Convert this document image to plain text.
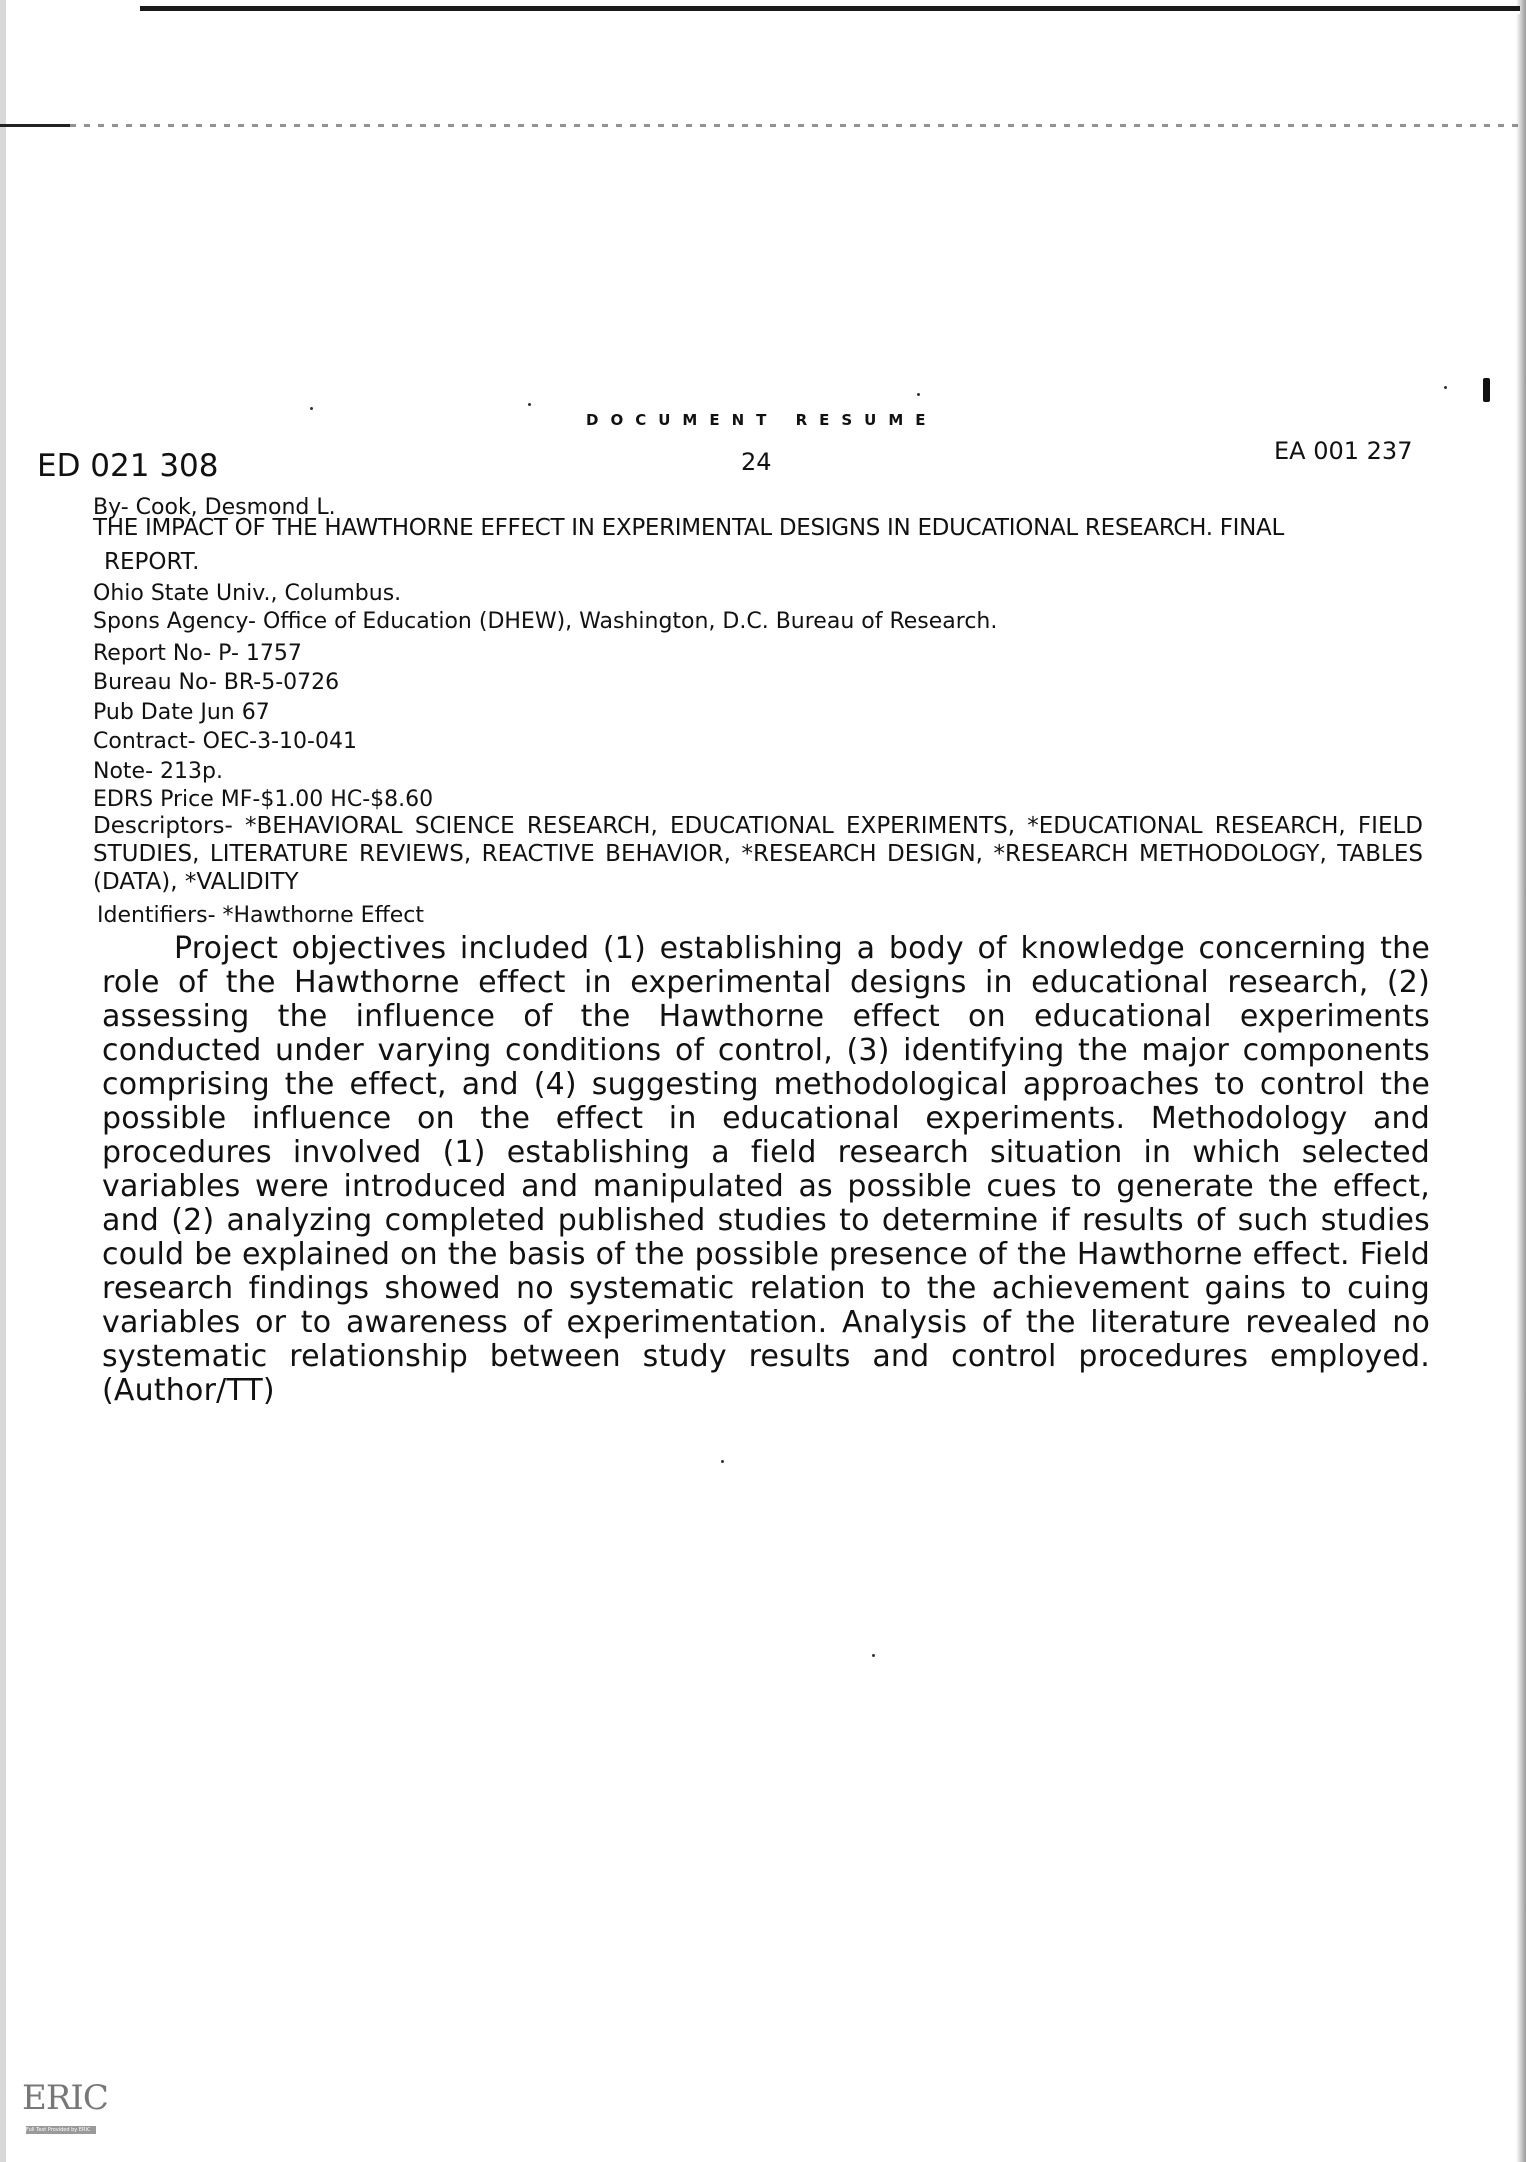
DOCUMENT RESUME
ED 021 308	24	EA 001 237
By- Cook, Desmond L.
THE IMPACT OF THE HAWTHORNE EFFECT IN EXPERIMENTAL DESIGNS IN EDUCATIONAL RESEARCH. FINAL
REPORT.
Ohio State Univ., Columbus.
Spons Agency- Office of Education (DHEW), Washington, D.C. Bureau of Research.
Report No- P- 1757
Bureau No- BR-5-0726
Pub Date Jun 67
Contract- OEC-3-10-041
Note- 213p.
EDRS Price MF-$1.00 HC-$8.60
Descriptors- *BEHAVIORAL SCIENCE RESEARCH, EDUCATIONAL EXPERIMENTS, *EDUCATIONAL RESEARCH, FIELD STUDIES, LITERATURE REVIEWS, REACTIVE BEHAVIOR, *RESEARCH DESIGN, *RESEARCH METHODOLOGY, TABLES (DATA), *VALIDITY
Identifiers- *Hawthorne Effect
Project objectives included (1) establishing a body of knowledge concerning the role of the Hawthorne effect in experimental designs in educational research, (2) assessing the influence of the Hawthorne effect on educational experiments conducted under varying conditions of control, (3) identifying the major components comprising the effect, and (4) suggesting methodological approaches to control the possible influence on the effect in educational experiments. Methodology and procedures involved (1) establishing a field research situation in which selected variables were introduced and manipulated as possible cues to generate the effect, and (2) analyzing completed published studies to determine if results of such studies could be explained on the basis of the possible presence of the Hawthorne effect. Field research findings showed no systematic relation to the achievement gains to cuing variables or to awareness of experimentation. Analysis of the literature revealed no systematic relationship between study results and control procedures employed. (Author/TT)
ERIC
Full Text Provided by ERIC
